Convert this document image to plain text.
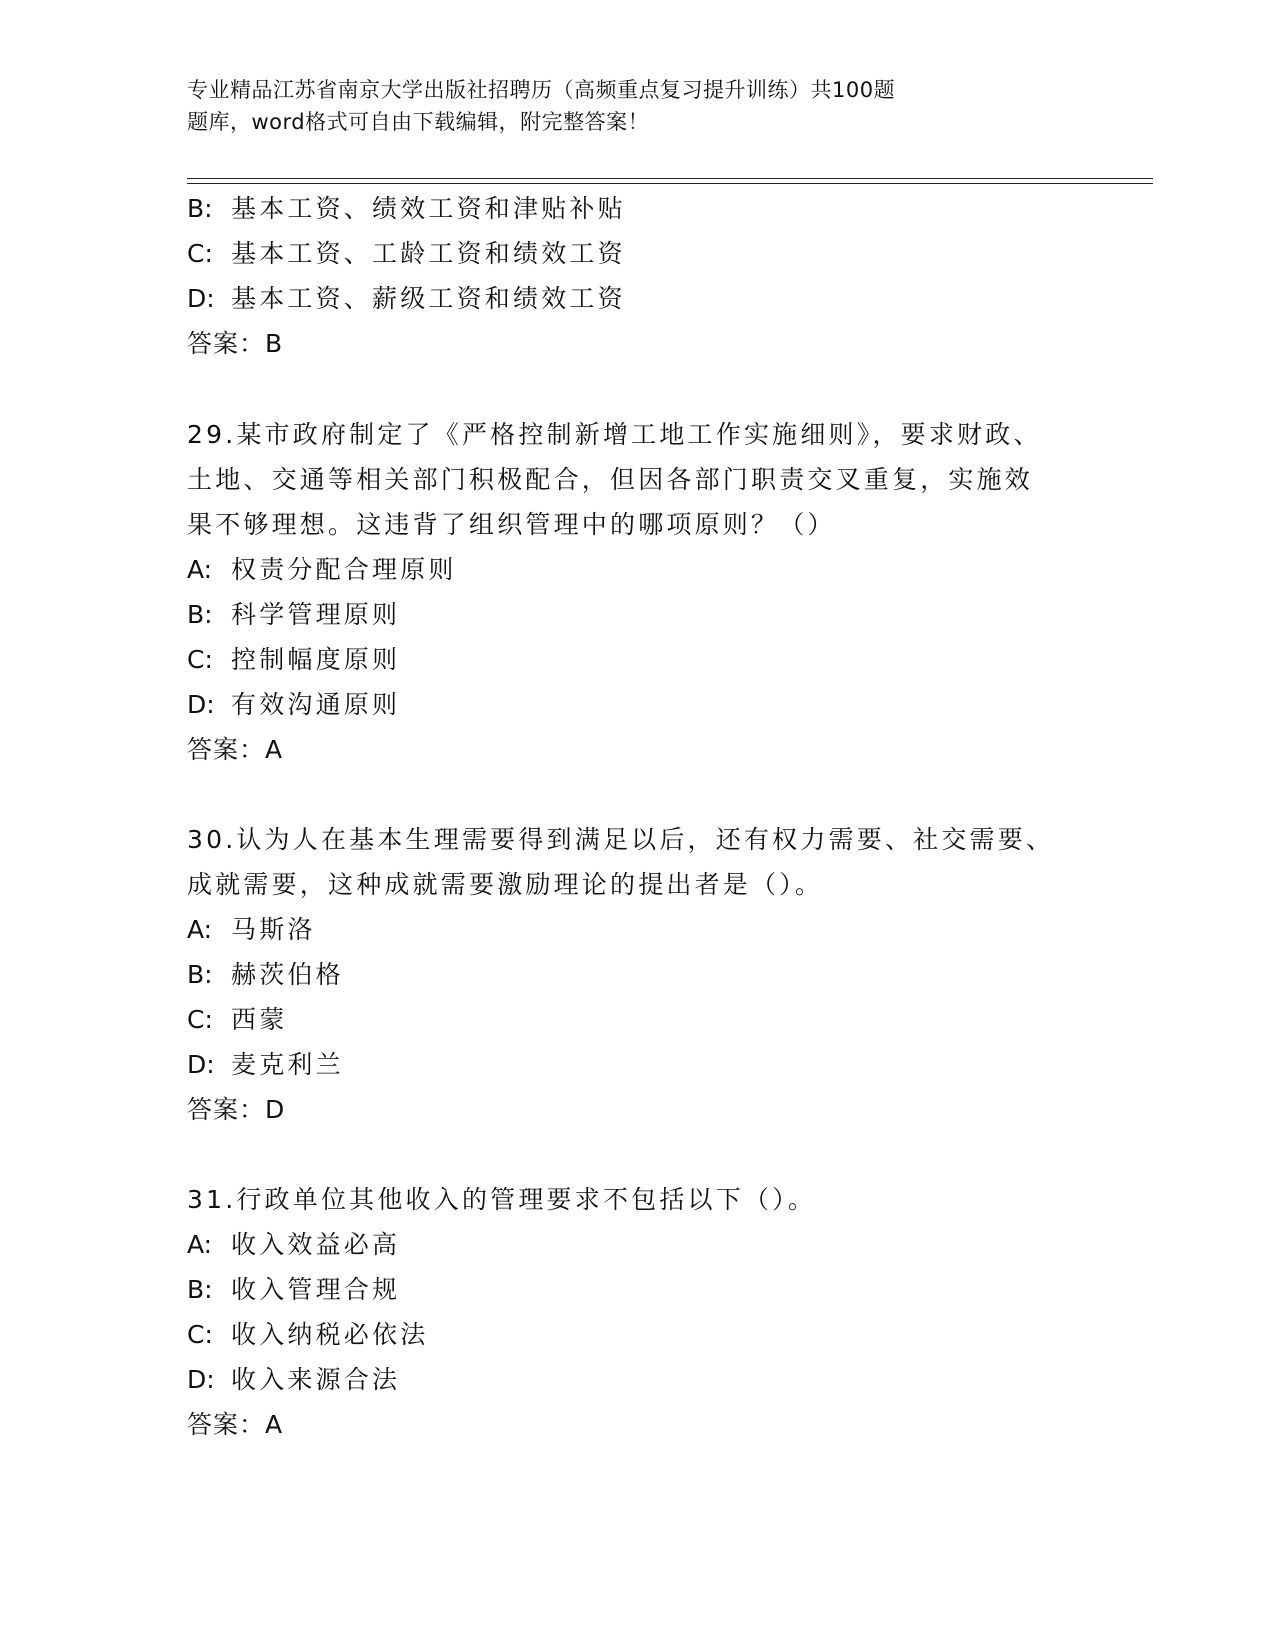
专业精品江苏省南京大学出版社招聘历（高频重点复习提升训练）共100题
题库，word格式可自由下载编辑，附完整答案！
B: 基本工资、绩效工资和津贴补贴
C: 基本工资、工龄工资和绩效工资
D: 基本工资、薪级工资和绩效工资
答案：B
29.某市政府制定了《严格控制新增工地工作实施细则》，要求财政、
土地、交通等相关部门积极配合，但因各部门职责交叉重复，实施效
果不够理想。这违背了组织管理中的哪项原则？（）
A: 权责分配合理原则
B: 科学管理原则
C: 控制幅度原则
D: 有效沟通原则
答案：A
30.认为人在基本生理需要得到满足以后，还有权力需要、社交需要、
成就需要，这种成就需要激励理论的提出者是（）。
A: 马斯洛
B: 赫茨伯格
C: 西蒙
D: 麦克利兰
答案：D
31.行政单位其他收入的管理要求不包括以下（）。
A: 收入效益必高
B: 收入管理合规
C: 收入纳税必依法
D: 收入来源合法
答案：A
